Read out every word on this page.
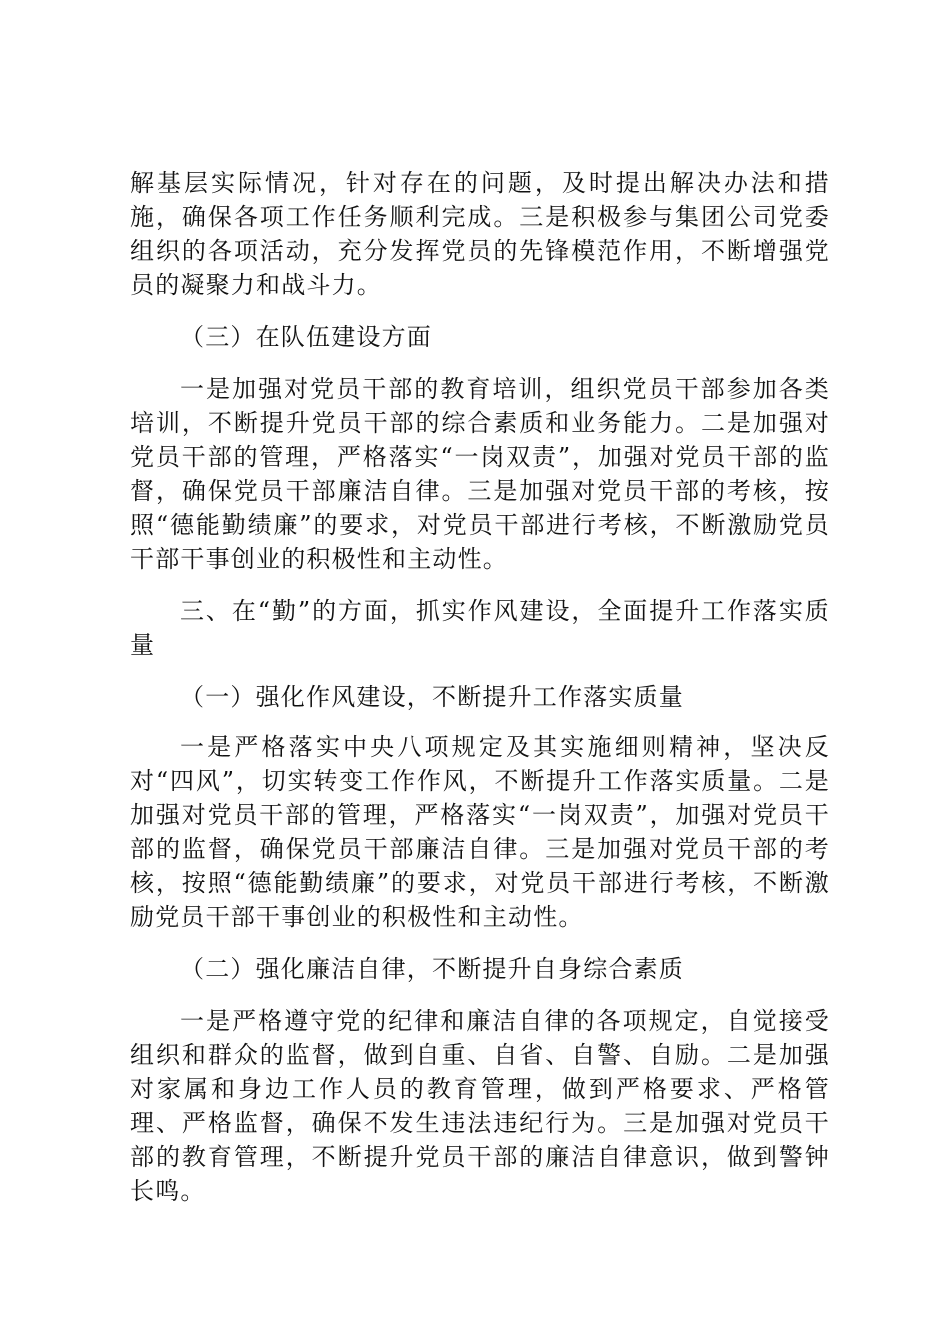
解基层实际情况，针对存在的问题，及时提出解决办法和措施，确保各项工作任务顺利完成。三是积极参与集团公司党委组织的各项活动，充分发挥党员的先锋模范作用，不断增强党员的凝聚力和战斗力。

（三）在队伍建设方面

一是加强对党员干部的教育培训，组织党员干部参加各类培训，不断提升党员干部的综合素质和业务能力。二是加强对党员干部的管理，严格落实“一岗双责”，加强对党员干部的监督，确保党员干部廉洁自律。三是加强对党员干部的考核，按照“德能勤绩廉”的要求，对党员干部进行考核，不断激励党员干部干事创业的积极性和主动性。

三、在“勤”的方面，抓实作风建设，全面提升工作落实质量

（一）强化作风建设，不断提升工作落实质量

一是严格落实中央八项规定及其实施细则精神，坚决反对“四风”，切实转变工作作风，不断提升工作落实质量。二是加强对党员干部的管理，严格落实“一岗双责”，加强对党员干部的监督，确保党员干部廉洁自律。三是加强对党员干部的考核，按照“德能勤绩廉”的要求，对党员干部进行考核，不断激励党员干部干事创业的积极性和主动性。

（二）强化廉洁自律，不断提升自身综合素质

一是严格遵守党的纪律和廉洁自律的各项规定，自觉接受组织和群众的监督，做到自重、自省、自警、自励。二是加强对家属和身边工作人员的教育管理，做到严格要求、严格管理、严格监督，确保不发生违法违纪行为。三是加强对党员干部的教育管理，不断提升党员干部的廉洁自律意识，做到警钟长鸣。
